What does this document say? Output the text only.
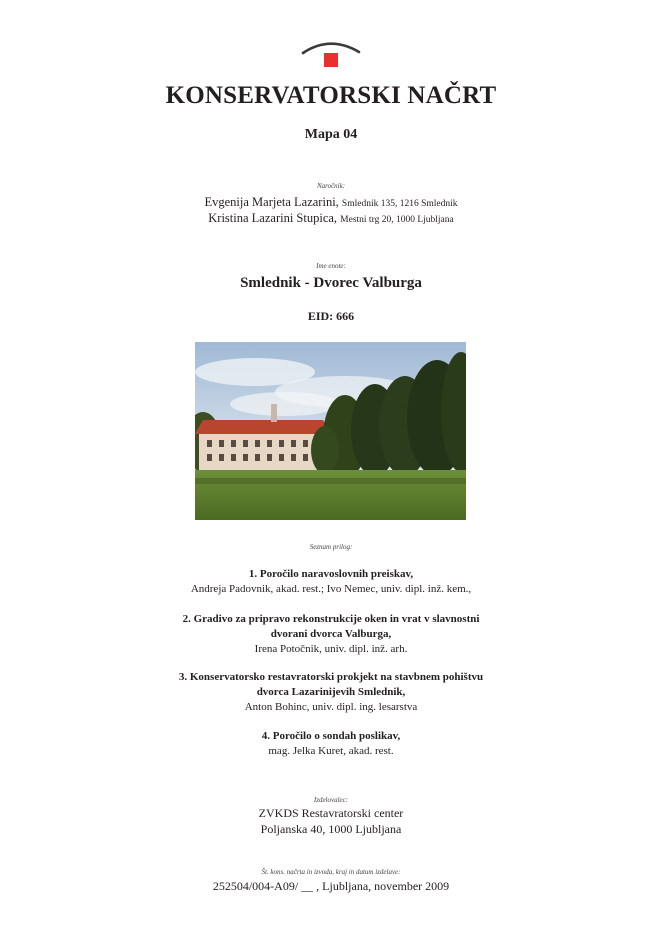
KONSERVATORSKI NAČRT
Mapa 04
Naročnik:
Evgenija Marjeta Lazarini, Smlednik 135, 1216 Smlednik
Kristina Lazarini Stupica, Mestni trg 20, 1000 Ljubljana
Ime enote:
Smlednik - Dvorec Valburga
EID: 666
Seznam prilog:
1. Poročilo naravoslovnih preiskav,
Andreja Padovnik, akad. rest.; Ivo Nemec, univ. dipl. inž. kem.,
2. Gradivo za pripravo rekonstrukcije oken in vrat v slavnostni
dvorani dvorca Valburga,
Irena Potočnik, univ. dipl. inž. arh.
3. Konservatorsko restavratorski prokjekt na stavbnem pohištvu
dvorca Lazarinijevih Smlednik,
Anton Bohinc, univ. dipl. ing. lesarstva
4. Poročilo o sondah poslikav,
mag. Jelka Kuret, akad. rest.
Izdelovalec:
ZVKDS Restavratorski center
Poljanska 40, 1000 Ljubljana
Št. kons. načrta in izvoda, kraj in datum izdelave:
252504/004-A09/ __ , Ljubljana, november 2009
